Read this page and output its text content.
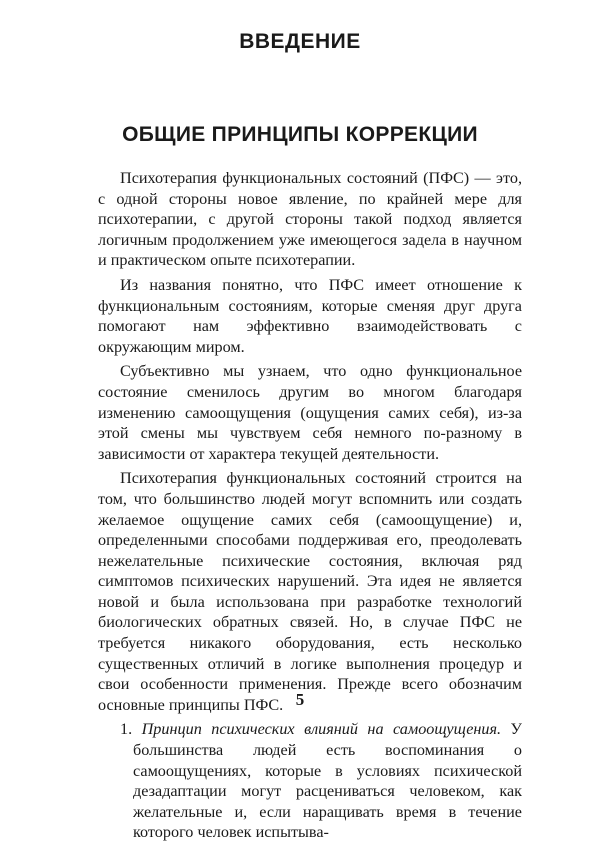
ВВЕДЕНИЕ
ОБЩИЕ ПРИНЦИПЫ КОРРЕКЦИИ

Психотерапия функциональных состояний (ПФС) — это, с одной стороны новое явление, по крайней мере для психотерапии, с другой стороны такой подход является логичным продолжением уже имеющегося задела в научном и практическом опыте психотерапии.

Из названия понятно, что ПФС имеет отношение к функциональным состояниям, которые сменяя друг друга помогают нам эффективно взаимодействовать с окружающим миром.

Субъективно мы узнаем, что одно функциональное состояние сменилось другим во многом благодаря изменению самоощущения (ощущения самих себя), из-за этой смены мы чувствуем себя немного по-разному в зависимости от характера текущей деятельности.

Психотерапия функциональных состояний строится на том, что большинство людей могут вспомнить или создать желаемое ощущение самих себя (самоощущение) и, определенными способами поддерживая его, преодолевать нежелательные психические состояния, включая ряд симптомов психических нарушений. Эта идея не является новой и была использована при разработке технологий биологических обратных связей. Но, в случае ПФС не требуется никакого оборудования, есть несколько существенных отличий в логике выполнения процедур и свои особенности применения. Прежде всего обозначим основные принципы ПФС.

1. Принцип психических влияний на самоощущения. У большинства людей есть воспоминания о самоощущениях, которые в условиях психической дезадаптации могут расцениваться человеком, как желательные и, если наращивать время в течение которого человек испытыва-

5
